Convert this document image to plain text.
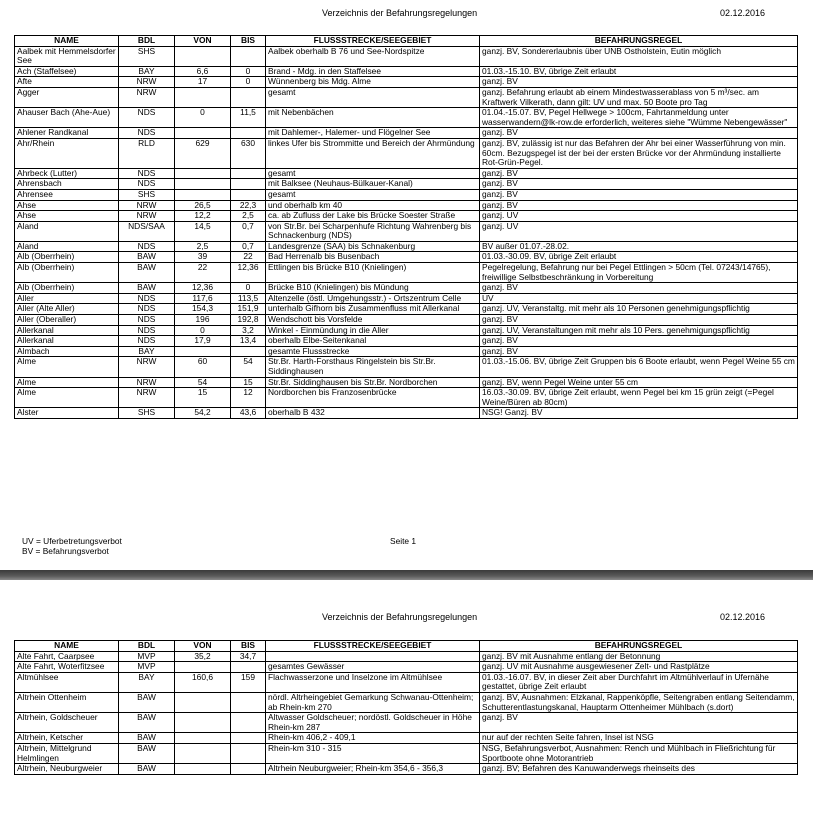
Verzeichnis der Befahrungsregelungen	02.12.2016
NAME	BDL	VON	BIS	FLUSSSTRECKE/SEEGEBIET	BEFAHRUNGSREGEL
Aalbek mit Hemmelsdorfer See	SHS			Aalbek oberhalb B 76 und See-Nordspitze	ganzj. BV, Sondererlaubnis über UNB Ostholstein, Eutin möglich
Ach (Staffelsee)	BAY	6,6	0	Brand - Mdg. in den Staffelsee	01.03.-15.10. BV, übrige Zeit erlaubt
Afte	NRW	17	0	Wünnenberg bis Mdg. Alme	ganzj. BV
Agger	NRW			gesamt	ganzj. Befahrung erlaubt ab einem Mindestwasserablass von 5 m³/sec. am Kraftwerk Vilkerath, dann gilt: UV und max. 50 Boote pro Tag
Ahauser Bach (Ahe-Aue)	NDS	0	11,5	mit Nebenbächen	01.04.-15.07. BV, Pegel Hellwege > 100cm, Fahrtanmeldung unter wasserwandern@lk-row.de erforderlich, weiteres siehe "Wümme Nebengewässer"
Ahlener Randkanal	NDS			mit Dahlemer-, Halemer- und Flögelner See	ganzj. BV
Ahr/Rhein	RLD	629	630	linkes Ufer bis Strommitte und Bereich der Ahrmündung	ganzj. BV, zulässig ist nur das Befahren der Ahr bei einer Wasserführung von min. 60cm. Bezugspegel ist der bei der ersten Brücke vor der Ahrmündung installierte Rot-Grün-Pegel.
Ahrbeck (Lutter)	NDS			gesamt	ganzj. BV
Ahrensbach	NDS			mit Balksee (Neuhaus-Bülkauer-Kanal)	ganzj. BV
Ahrensee	SHS			gesamt	ganzj. BV
Ahse	NRW	26,5	22,3	und oberhalb km 40	ganzj. BV
Ahse	NRW	12,2	2,5	ca. ab Zufluss der Lake bis Brücke Soester Straße	ganzj. UV
Aland	NDS/SAA	14,5	0,7	von Str.Br. bei Scharpenhufe Richtung Wahrenberg bis Schnackenburg (NDS)	ganzj. UV
Aland	NDS	2,5	0,7	Landesgrenze (SAA) bis Schnakenburg	BV außer 01.07.-28.02.
Alb (Oberrhein)	BAW	39	22	Bad Herrenalb bis Busenbach	01.03.-30.09. BV, übrige Zeit erlaubt
Alb (Oberrhein)	BAW	22	12,36	Ettlingen bis Brücke B10 (Knielingen)	Pegelregelung, Befahrung nur bei Pegel Ettlingen > 50cm (Tel. 07243/14765), freiwillige Selbstbeschränkung in Vorbereitung
Alb (Oberrhein)	BAW	12,36	0	Brücke B10 (Knielingen) bis Mündung	ganzj. BV
Aller	NDS	117,6	113,5	Altenzelle (östl. Umgehungsstr.) - Ortszentrum Celle	UV
Aller (Alte Aller)	NDS	154,3	151,9	unterhalb Gifhorn bis Zusammenfluss mit Allerkanal	ganzj. UV, Veranstaltg. mit mehr als 10 Personen genehmigungspflichtig
Aller (Oberaller)	NDS	196	192,8	Wendschott bis Vorsfelde	ganzj. BV
Allerkanal	NDS	0	3,2	Winkel - Einmündung in die Aller	ganzj. UV, Veranstaltungen mit mehr als 10 Pers. genehmigungspflichtig
Allerkanal	NDS	17,9	13,4	oberhalb Elbe-Seitenkanal	ganzj. BV
Almbach	BAY			gesamte Flussstrecke	ganzj. BV
Alme	NRW	60	54	Str.Br. Harth-Forsthaus Ringelstein bis Str.Br. Siddinghausen	01.03.-15.06. BV, übrige Zeit Gruppen bis 6 Boote erlaubt, wenn Pegel Weine 55 cm
Alme	NRW	54	15	Str.Br. Siddinghausen bis Str.Br. Nordborchen	ganzj. BV, wenn Pegel Weine unter 55 cm
Alme	NRW	15	12	Nordborchen bis Franzosenbrücke	16.03.-30.09. BV, übrige Zeit erlaubt, wenn Pegel bei km 15 grün zeigt (=Pegel Weine/Büren ab 80cm)
Alster	SHS	54,2	43,6	oberhalb B 432	NSG! Ganzj. BV
UV = Uferbetretungsverbot
BV = Befahrungsverbot
Seite 1
Verzeichnis der Befahrungsregelungen	02.12.2016
NAME	BDL	VON	BIS	FLUSSSTRECKE/SEEGEBIET	BEFAHRUNGSREGEL
Alte Fahrt, Caarpsee	MVP	35,2	34,7		ganzj. BV mit Ausnahme entlang der Betonnung
Alte Fahrt, Woterfitzsee	MVP			gesamtes Gewässer	ganzj. UV mit Ausnahme ausgewiesener Zelt- und Rastplätze
Altmühlsee	BAY	160,6	159	Flachwasserzone und Inselzone im Altmühlsee	01.03.-16.07. BV, in dieser Zeit aber Durchfahrt im Altmühlverlauf in Ufernähe gestattet, übrige Zeit erlaubt
Altrhein Ottenheim	BAW			nördl. Altrheingebiet Gemarkung Schwanau-Ottenheim; ab Rhein-km 270	ganzj. BV, Ausnahmen: Elzkanal, Rappenköpfle, Seitengraben entlang Seitendamm, Schutterentlastungskanal, Hauptarm Ottenheimer Mühlbach (s.dort)
Altrhein, Goldscheuer	BAW			Altwasser Goldscheuer; nordöstl. Goldscheuer in Höhe Rhein-km 287	ganzj. BV
Altrhein, Ketscher	BAW			Rhein-km 406,2 - 409,1	nur auf der rechten Seite fahren, Insel ist NSG
Altrhein, Mittelgrund Helmlingen	BAW			Rhein-km 310 - 315	NSG, Befahrungsverbot, Ausnahmen: Rench und Mühlbach in Fließrichtung für Sportboote ohne Motorantrieb
Altrhein, Neuburgweier	BAW			Altrhein Neuburgweier; Rhein-km 354,6 - 356,3	ganzj. BV; Befahren des Kanuwanderwegs rheinseits des
